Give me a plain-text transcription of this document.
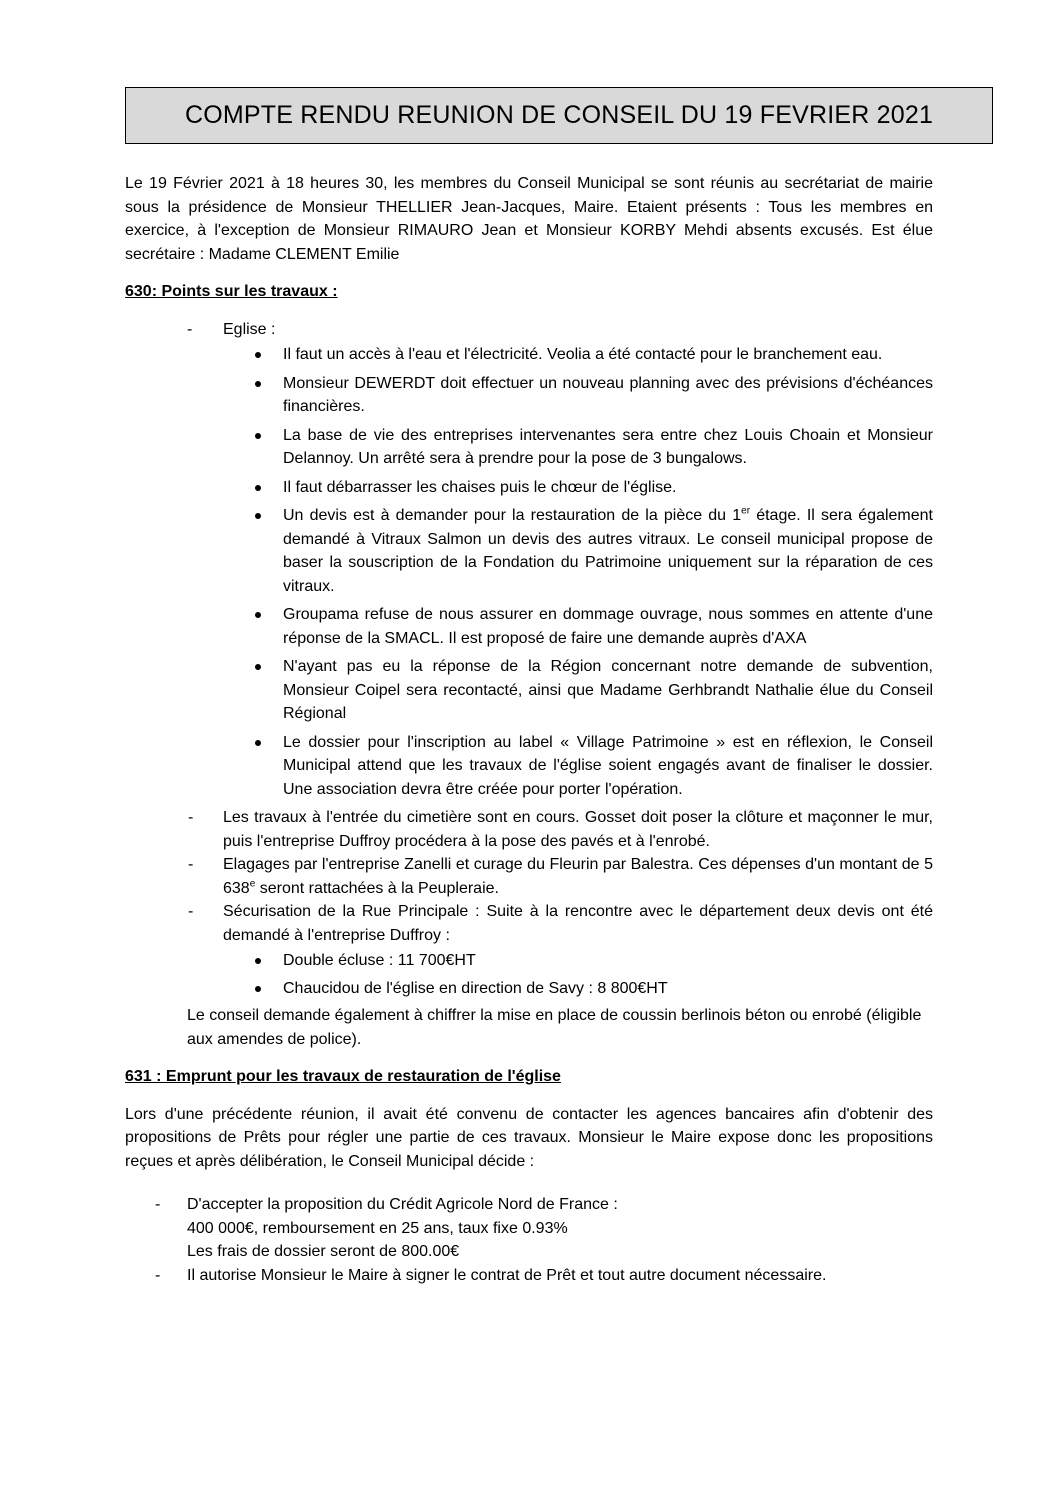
COMPTE RENDU REUNION DE CONSEIL DU 19 FEVRIER 2021

Le 19 Février 2021 à 18 heures 30, les membres du Conseil Municipal se sont réunis au secrétariat de mairie sous la présidence de Monsieur THELLIER Jean-Jacques, Maire. Etaient présents : Tous les membres en exercice, à l'exception de Monsieur RIMAURO Jean et Monsieur KORBY Mehdi absents excusés. Est élue secrétaire : Madame CLEMENT Emilie

630: Points sur les travaux :

- Eglise :
Il faut un accès à l'eau et l'électricité. Veolia a été contacté pour le branchement eau.
Monsieur DEWERDT doit effectuer un nouveau planning avec des prévisions d'échéances financières.
La base de vie des entreprises intervenantes sera entre chez Louis Choain et Monsieur Delannoy. Un arrêté sera à prendre pour la pose de 3 bungalows.
Il faut débarrasser les chaises puis le chœur de l'église.
Un devis est à demander pour la restauration de la pièce du 1er étage. Il sera également demandé à Vitraux Salmon un devis des autres vitraux. Le conseil municipal propose de baser la souscription de la Fondation du Patrimoine uniquement sur la réparation de ces vitraux.
Groupama refuse de nous assurer en dommage ouvrage, nous sommes en attente d'une réponse de la SMACL. Il est proposé de faire une demande auprès d'AXA
N'ayant pas eu la réponse de la Région concernant notre demande de subvention, Monsieur Coipel sera recontacté, ainsi que Madame Gerhbrandt Nathalie élue du Conseil Régional
Le dossier pour l'inscription au label « Village Patrimoine » est en réflexion, le Conseil Municipal attend que les travaux de l'église soient engagés avant de finaliser le dossier. Une association devra être créée pour porter l'opération.
- Les travaux à l'entrée du cimetière sont en cours. Gosset doit poser la clôture et maçonner le mur, puis l'entreprise Duffroy procédera à la pose des pavés et à l'enrobé.
- Elagages par l'entreprise Zanelli et curage du Fleurin par Balestra. Ces dépenses d'un montant de 5 638e seront rattachées à la Peupleraie.
- Sécurisation de la Rue Principale : Suite à la rencontre avec le département deux devis ont été demandé à l'entreprise Duffroy :
Double écluse : 11 700€HT
Chaucidou de l'église en direction de Savy : 8 800€HT

Le conseil demande également à chiffrer la mise en place de coussin berlinois béton ou enrobé (éligible aux amendes de police).

631 : Emprunt pour les travaux de restauration de l'église

Lors d'une précédente réunion, il avait été convenu de contacter les agences bancaires afin d'obtenir des propositions de Prêts pour régler une partie de ces travaux. Monsieur le Maire expose donc les propositions reçues et après délibération, le Conseil Municipal décide :

- D'accepter la proposition du Crédit Agricole Nord de France :
400 000€, remboursement en 25 ans, taux fixe 0.93%
Les frais de dossier seront de 800.00€
- Il autorise Monsieur le Maire à signer le contrat de Prêt et tout autre document nécessaire.
